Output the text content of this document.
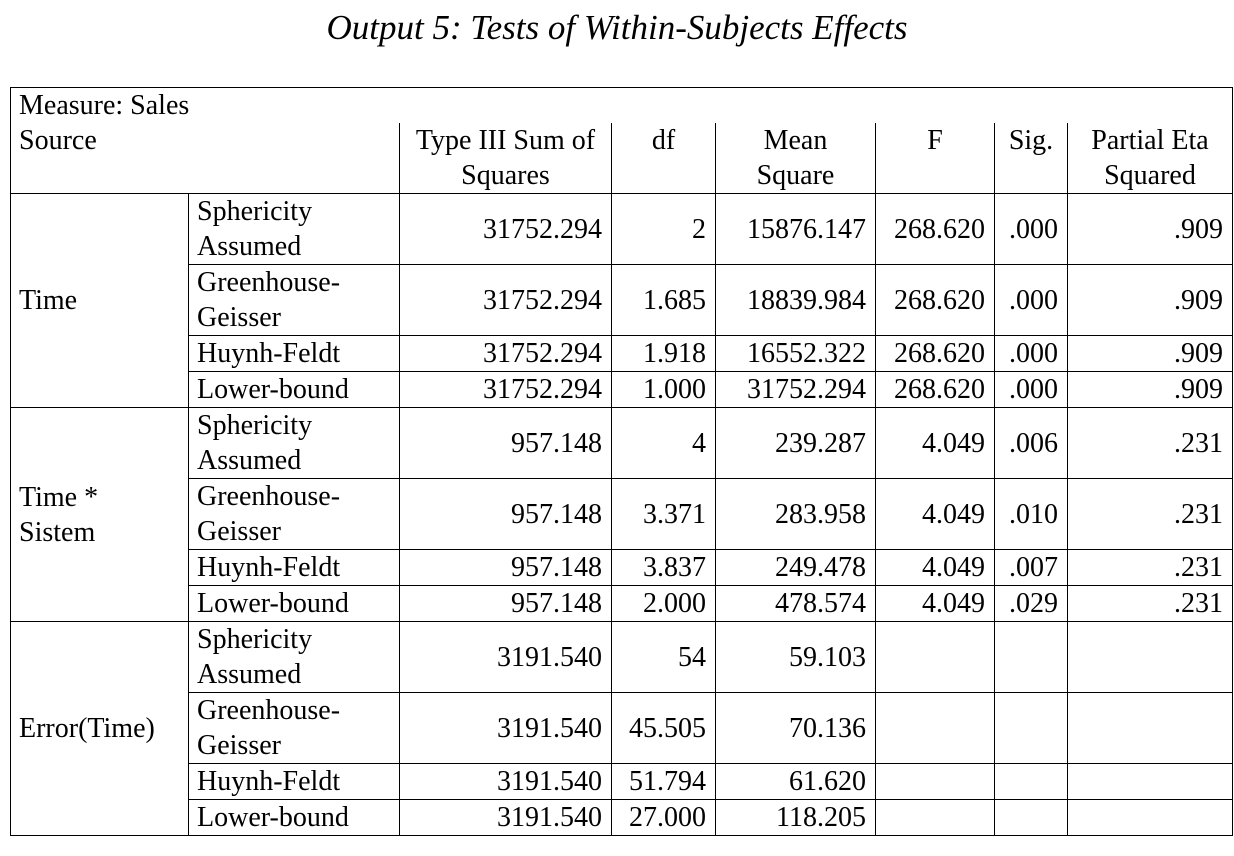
Output 5: Tests of Within-Subjects Effects
Measure: Sales							
Source		Type III Sum of Squares	df	Mean Square	F	Sig.	Partial Eta Squared
Time	Sphericity Assumed	31752.294	2	15876.147	268.620	.000	.909
	Greenhouse-Geisser	31752.294	1.685	18839.984	268.620	.000	.909
	Huynh-Feldt	31752.294	1.918	16552.322	268.620	.000	.909
	Lower-bound	31752.294	1.000	31752.294	268.620	.000	.909
Time * Sistem	Sphericity Assumed	957.148	4	239.287	4.049	.006	.231
	Greenhouse-Geisser	957.148	3.371	283.958	4.049	.010	.231
	Huynh-Feldt	957.148	3.837	249.478	4.049	.007	.231
	Lower-bound	957.148	2.000	478.574	4.049	.029	.231
Error(Time)	Sphericity Assumed	3191.540	54	59.103			
	Greenhouse-Geisser	3191.540	45.505	70.136			
	Huynh-Feldt	3191.540	51.794	61.620			
	Lower-bound	3191.540	27.000	118.205			
